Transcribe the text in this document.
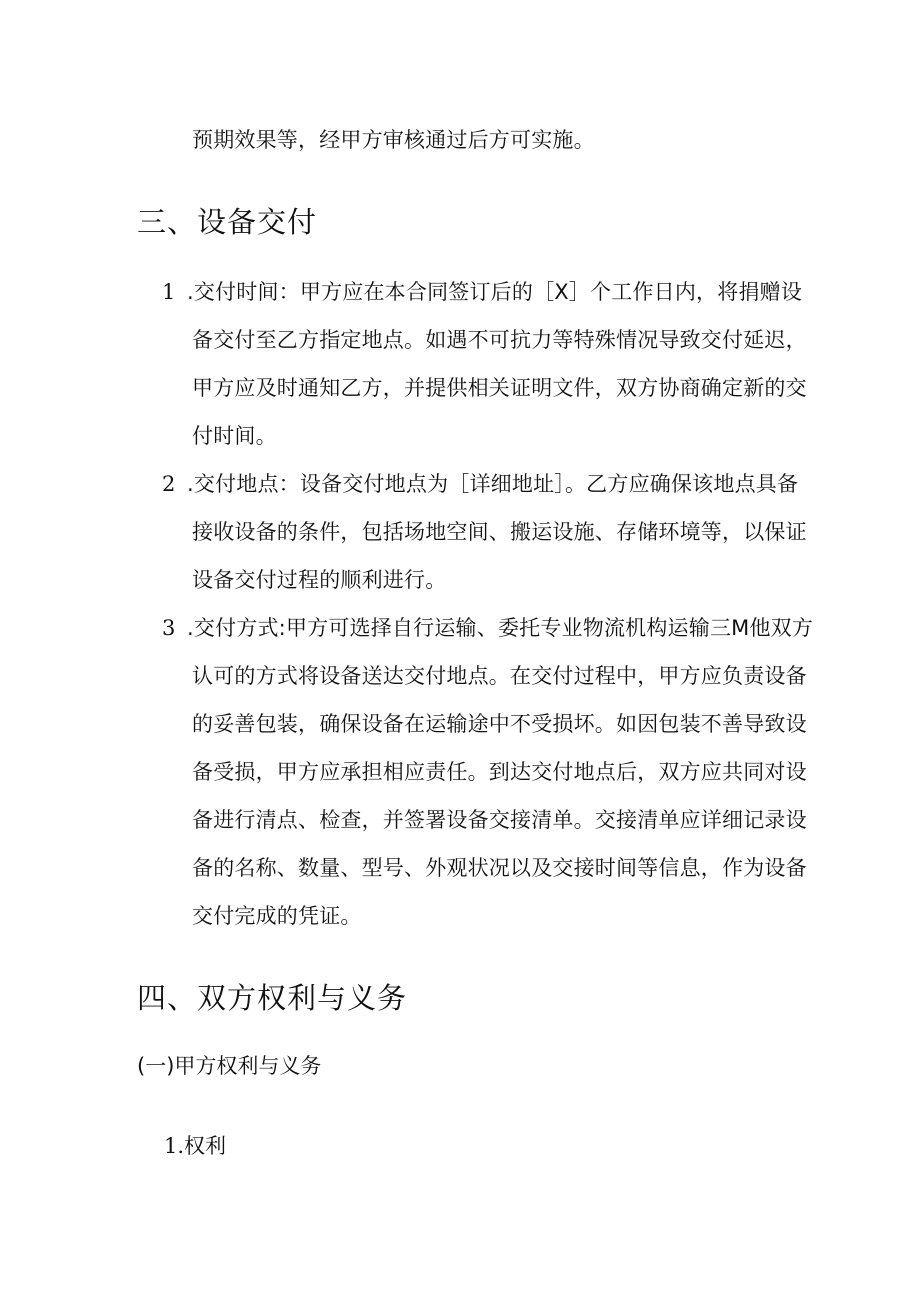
预期效果等，经甲方审核通过后方可实施。
三、设备交付
1 .交付时间：甲方应在本合同签订后的［X］个工作日内，将捐赠设
备交付至乙方指定地点。如遇不可抗力等特殊情况导致交付延迟，
甲方应及时通知乙方，并提供相关证明文件，双方协商确定新的交
付时间。
2 .交付地点：设备交付地点为［详细地址］。乙方应确保该地点具备
接收设备的条件，包括场地空间、搬运设施、存储环境等，以保证
设备交付过程的顺利进行。
3 .交付方式:甲方可选择自行运输、委托专业物流机构运输三M他双方
认可的方式将设备送达交付地点。在交付过程中，甲方应负责设备
的妥善包装，确保设备在运输途中不受损坏。如因包装不善导致设
备受损，甲方应承担相应责任。到达交付地点后，双方应共同对设
备进行清点、检查，并签署设备交接清单。交接清单应详细记录设
备的名称、数量、型号、外观状况以及交接时间等信息，作为设备
交付完成的凭证。
四、双方权利与义务
(一)甲方权利与义务
1.权利
